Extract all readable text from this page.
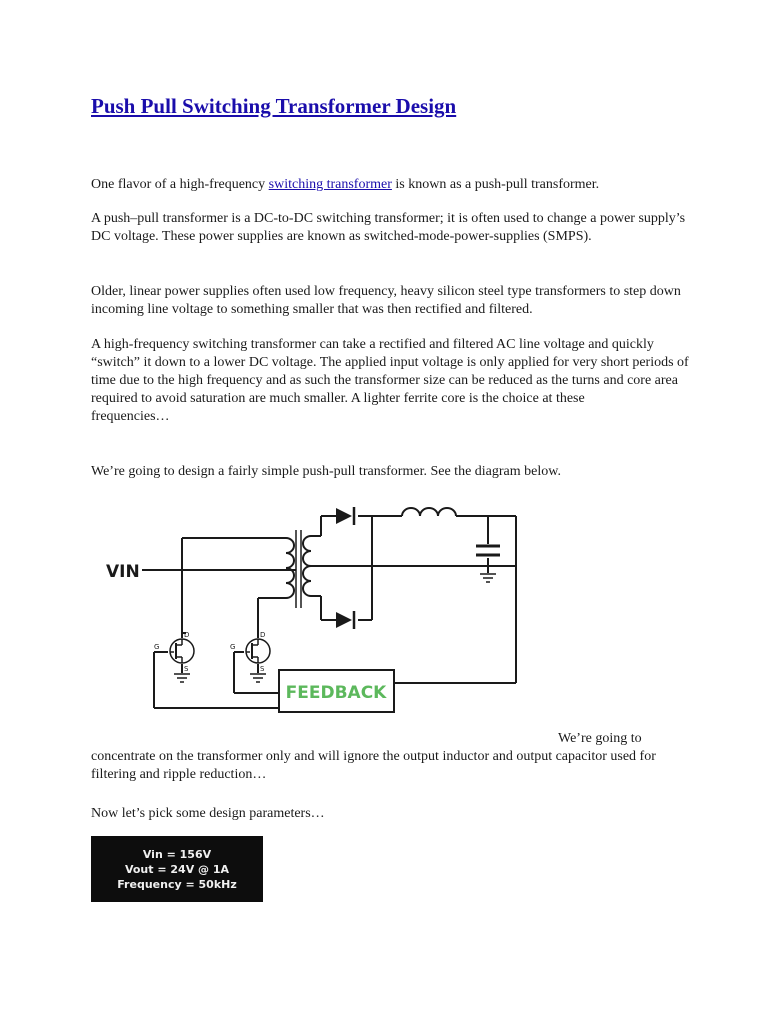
Push Pull Switching Transformer Design

One flavor of a high-frequency switching transformer is known as a push-pull transformer.

A push–pull transformer is a DC-to-DC switching transformer; it is often used to change a power supply’s DC voltage. These power supplies are known as switched-mode-power-supplies (SMPS).

Older, linear power supplies often used low frequency, heavy silicon steel type transformers to step down incoming line voltage to something smaller that was then rectified and filtered.

A high-frequency switching transformer can take a rectified and filtered AC line voltage and quickly “switch” it down to a lower DC voltage. The applied input voltage is only applied for very short periods of time due to the high frequency and as such the transformer size can be reduced as the turns and core area required to avoid saturation are much smaller. A lighter ferrite core is the choice at these
frequencies…

We’re going to design a fairly simple push-pull transformer. See the diagram below.

VIN
D
G
S
D
G
S
FEEDBACK

We’re going to
concentrate on the transformer only and will ignore the output inductor and output capacitor used for filtering and ripple reduction…

Now let’s pick some design parameters…

Vin = 156V
Vout = 24V @ 1A
Frequency = 50kHz
